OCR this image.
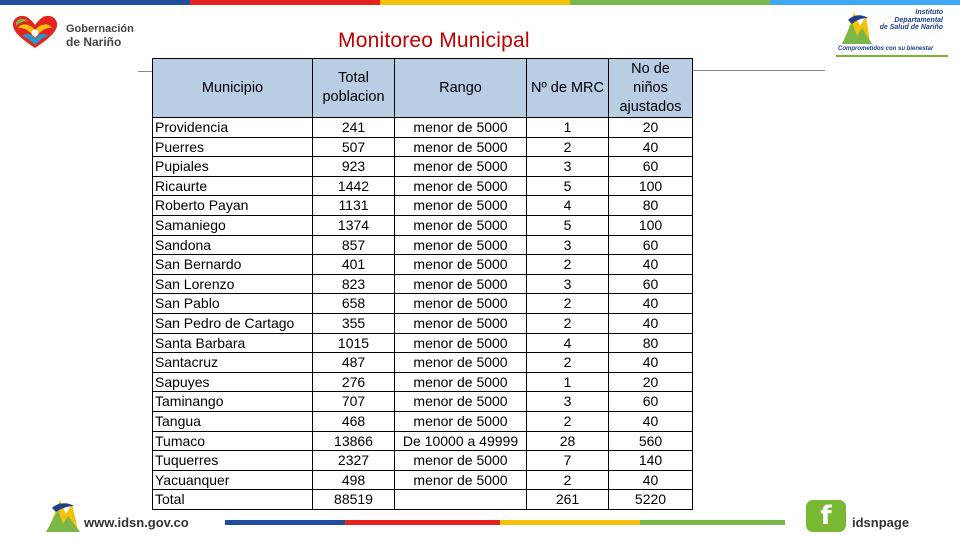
Gobernación
de Nariño	Monitoreo Municipal
Instituto
Departamental
de Salud de Nariño
Comprometidos con su bienestar
Municipio	Total poblacion	Rango	Nº de MRC	No de niños ajustados
Providencia	241	menor de 5000	1	20
Puerres	507	menor de 5000	2	40
Pupiales	923	menor de 5000	3	60
Ricaurte	1442	menor de 5000	5	100
Roberto Payan	1131	menor de 5000	4	80
Samaniego	1374	menor de 5000	5	100
Sandona	857	menor de 5000	3	60
San Bernardo	401	menor de 5000	2	40
San Lorenzo	823	menor de 5000	3	60
San Pablo	658	menor de 5000	2	40
San Pedro de Cartago	355	menor de 5000	2	40
Santa Barbara	1015	menor de 5000	4	80
Santacruz	487	menor de 5000	2	40
Sapuyes	276	menor de 5000	1	20
Taminango	707	menor de 5000	3	60
Tangua	468	menor de 5000	2	40
Tumaco	13866	De 10000 a 49999	28	560
Tuquerres	2327	menor de 5000	7	140
Yacuanquer	498	menor de 5000	2	40
Total	88519		261	5220
www.idsn.gov.co	f	idsnpage
